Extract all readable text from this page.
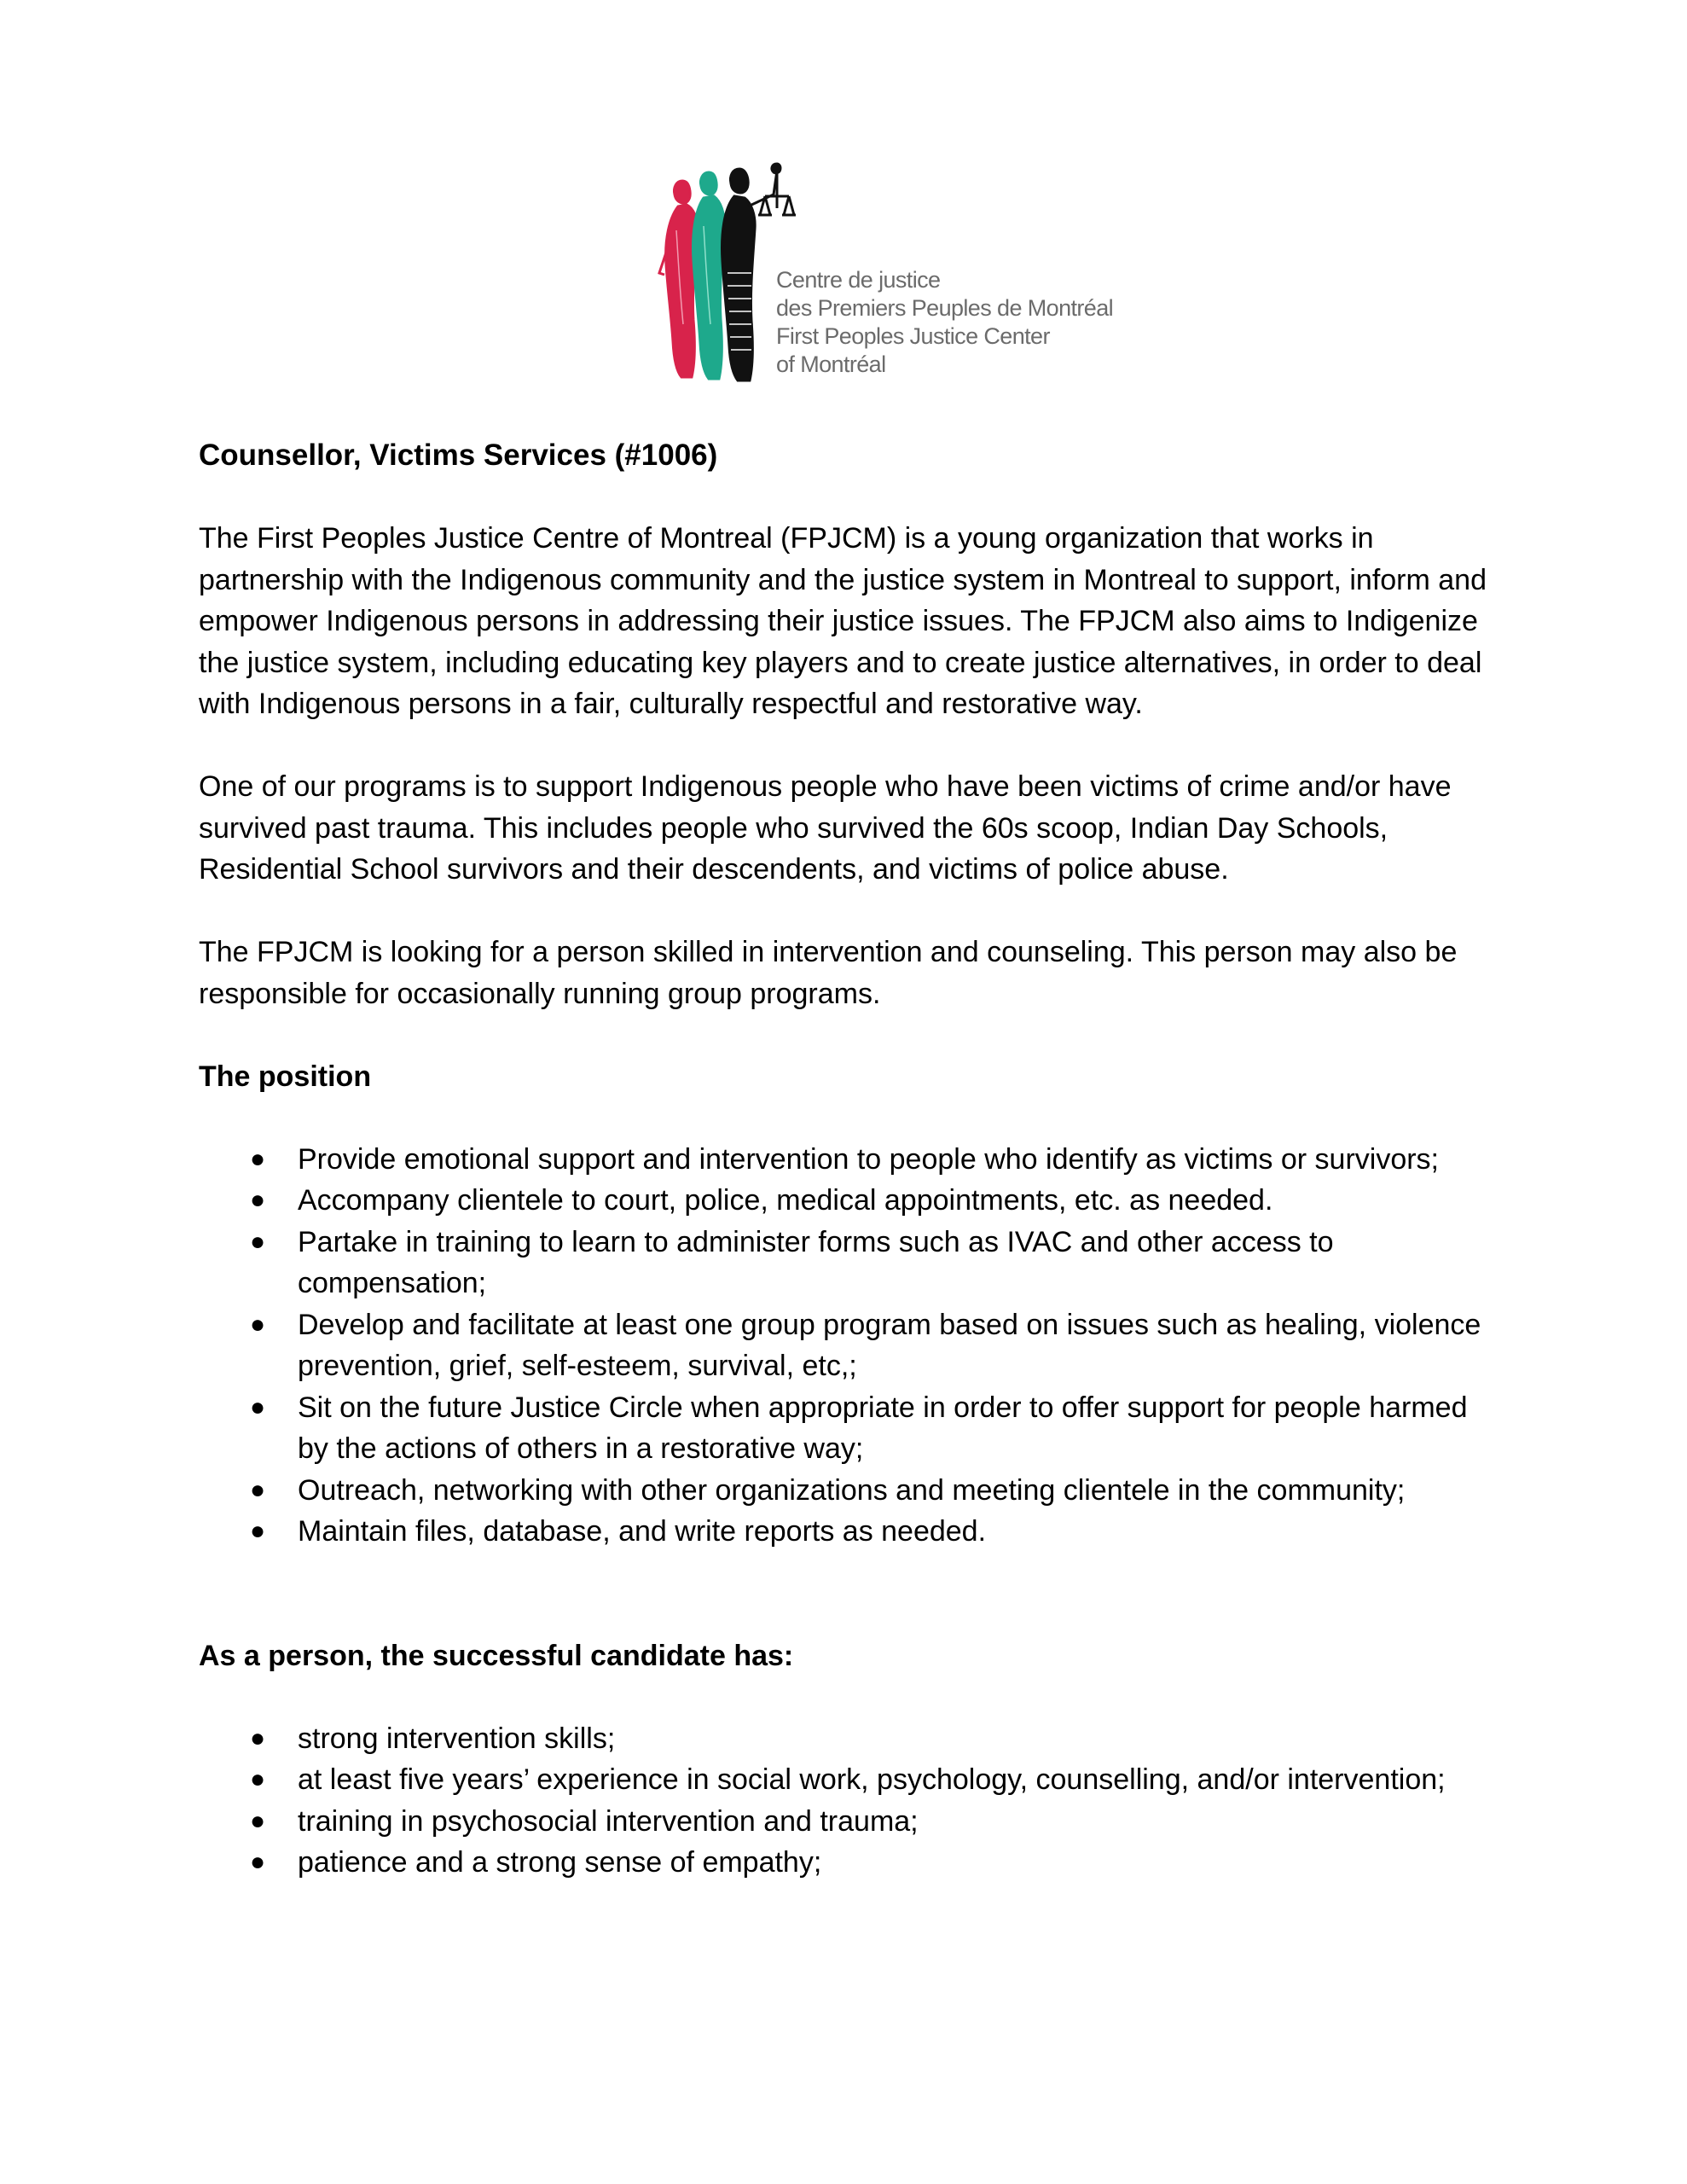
Centre de justice
des Premiers Peuples de Montréal
First Peoples Justice Center
of Montréal

Counsellor, Victims Services (#1006)

The First Peoples Justice Centre of Montreal (FPJCM) is a young organization that works in partnership with the Indigenous community and the justice system in Montreal to support, inform and empower Indigenous persons in addressing their justice issues. The FPJCM also aims to Indigenize the justice system, including educating key players and to create justice alternatives, in order to deal with Indigenous persons in a fair, culturally respectful and restorative way.

One of our programs is to support Indigenous people who have been victims of crime and/or have survived past trauma. This includes people who survived the 60s scoop, Indian Day Schools, Residential School survivors and their descendents, and victims of police abuse.

The FPJCM is looking for a person skilled in intervention and counseling. This person may also be responsible for occasionally running group programs.

The position

● Provide emotional support and intervention to people who identify as victims or survivors;
● Accompany clientele to court, police, medical appointments, etc. as needed.
● Partake in training to learn to administer forms such as IVAC and other access to compensation;
● Develop and facilitate at least one group program based on issues such as healing, violence prevention, grief, self-esteem, survival, etc,;
● Sit on the future Justice Circle when appropriate in order to offer support for people harmed by the actions of others in a restorative way;
● Outreach, networking with other organizations and meeting clientele in the community;
● Maintain files, database, and write reports as needed.

As a person, the successful candidate has:

● strong intervention skills;
● at least five years’ experience in social work, psychology, counselling, and/or intervention;
● training in psychosocial intervention and trauma;
● patience and a strong sense of empathy;
